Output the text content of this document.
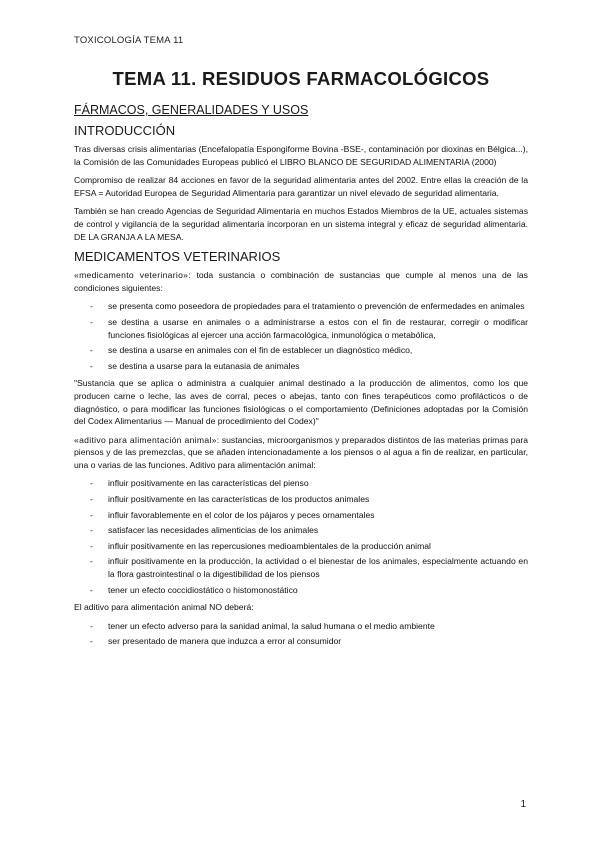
TOXICOLOGÍA TEMA 11
TEMA 11. RESIDUOS FARMACOLÓGICOS
FÁRMACOS, GENERALIDADES Y USOS
INTRODUCCIÓN

Tras diversas crisis alimentarias (Encefalopatía Espongiforme Bovina -BSE-, contaminación por dioxinas en Bélgica...), la Comisión de las Comunidades Europeas publicó el LIBRO BLANCO DE SEGURIDAD ALIMENTARIA (2000)

Compromiso de realizar 84 acciones en favor de la seguridad alimentaria antes del 2002. Entre ellas la creación de la EFSA = Autoridad Europea de Seguridad Alimentaria para garantizar un nivel elevado de seguridad alimentaria.

También se han creado Agencias de Seguridad Alimentaria en muchos Estados Miembros de la UE, actuales sistemas de control y vigilancia de la seguridad alimentaria incorporan en un sistema integral y eficaz de seguridad alimentaria. DE LA GRANJA A LA MESA.

MEDICAMENTOS VETERINARIOS

«medicamento veterinario»: toda sustancia o combinación de sustancias que cumple al menos una de las condiciones siguientes:

- se presenta como poseedora de propiedades para el tratamiento o prevención de enfermedades en animales
- se destina a usarse en animales o a administrarse a estos con el fin de restaurar, corregir o modificar funciones fisiológicas al ejercer una acción farmacológica, inmunológica o metabólica,
- se destina a usarse en animales con el fin de establecer un diagnóstico médico,
- se destina a usarse para la eutanasia de animales

"Sustancia que se aplica o administra a cualquier animal destinado a la producción de alimentos, como los que producen carne o leche, las aves de corral, peces o abejas, tanto con fines terapéuticos como profilácticos o de diagnóstico, o para modificar las funciones fisiológicas o el comportamiento (Definiciones adoptadas por la Comisión del Codex Alimentarius — Manual de procedimiento del Codex)"

«aditivo para alimentación animal»: sustancias, microorganismos y preparados distintos de las materias primas para piensos y de las premezclas, que se añaden intencionadamente a los piensos o al agua a fin de realizar, en particular, una o varias de las funciones. Aditivo para alimentación animal:

- influir positivamente en las características del pienso
- influir positivamente en las características de los productos animales
- influir favorablemente en el color de los pájaros y peces ornamentales
- satisfacer las necesidades alimenticias de los animales
- influir positivamente en las repercusiones medioambientales de la producción animal
- influir positivamente en la producción, la actividad o el bienestar de los animales, especialmente actuando en la flora gastrointestinal o la digestibilidad de los piensos
- tener un efecto coccidiostático o histomonostático

El aditivo para alimentación animal NO deberá:

- tener un efecto adverso para la sanidad animal, la salud humana o el medio ambiente
- ser presentado de manera que induzca a error al consumidor
1
